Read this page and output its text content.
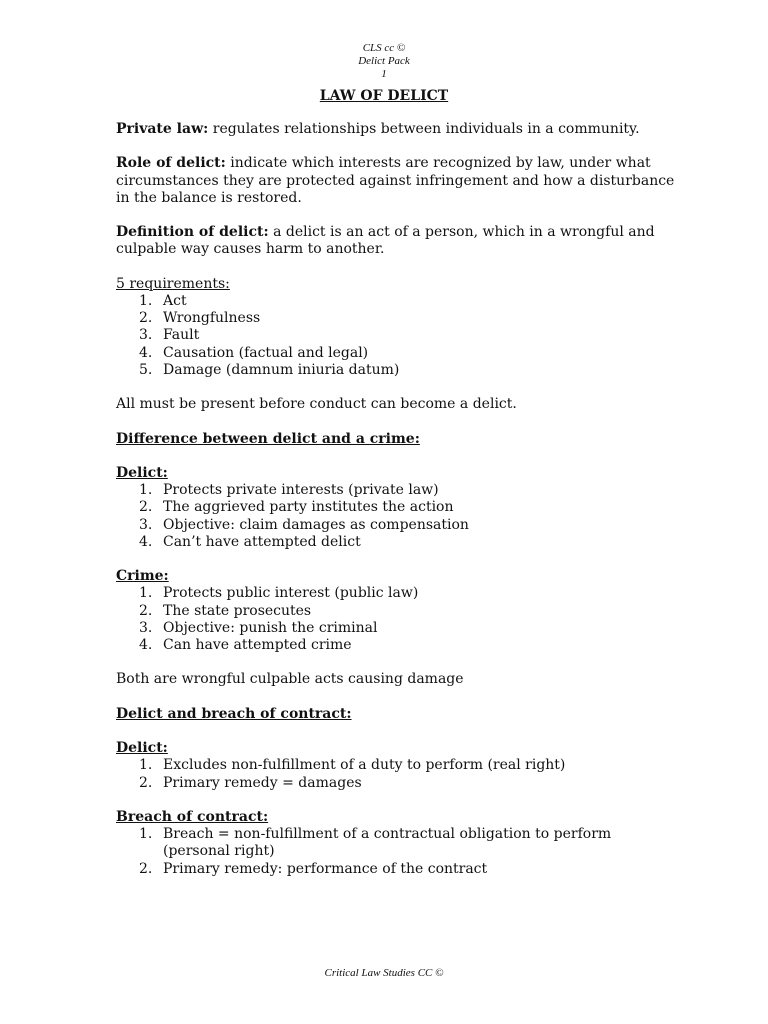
CLS cc ©
Delict Pack
1
LAW OF DELICT

Private law: regulates relationships between individuals in a community.

Role of delict: indicate which interests are recognized by law, under what circumstances they are protected against infringement and how a disturbance in the balance is restored.

Definition of delict: a delict is an act of a person, which in a wrongful and culpable way causes harm to another.

5 requirements:

1. Act
2. Wrongfulness
3. Fault
4. Causation (factual and legal)
5. Damage (damnum iniuria datum)

All must be present before conduct can become a delict.

Difference between delict and a crime:

Delict:

1. Protects private interests (private law)
2. The aggrieved party institutes the action
3. Objective: claim damages as compensation
4. Can’t have attempted delict

Crime:

1. Protects public interest (public law)
2. The state prosecutes
3. Objective: punish the criminal
4. Can have attempted crime

Both are wrongful culpable acts causing damage

Delict and breach of contract:

Delict:

1. Excludes non-fulfillment of a duty to perform (real right)
2. Primary remedy = damages

Breach of contract:

1. Breach = non-fulfillment of a contractual obligation to perform (personal right)
2. Primary remedy: performance of the contract
Critical Law Studies CC ©
